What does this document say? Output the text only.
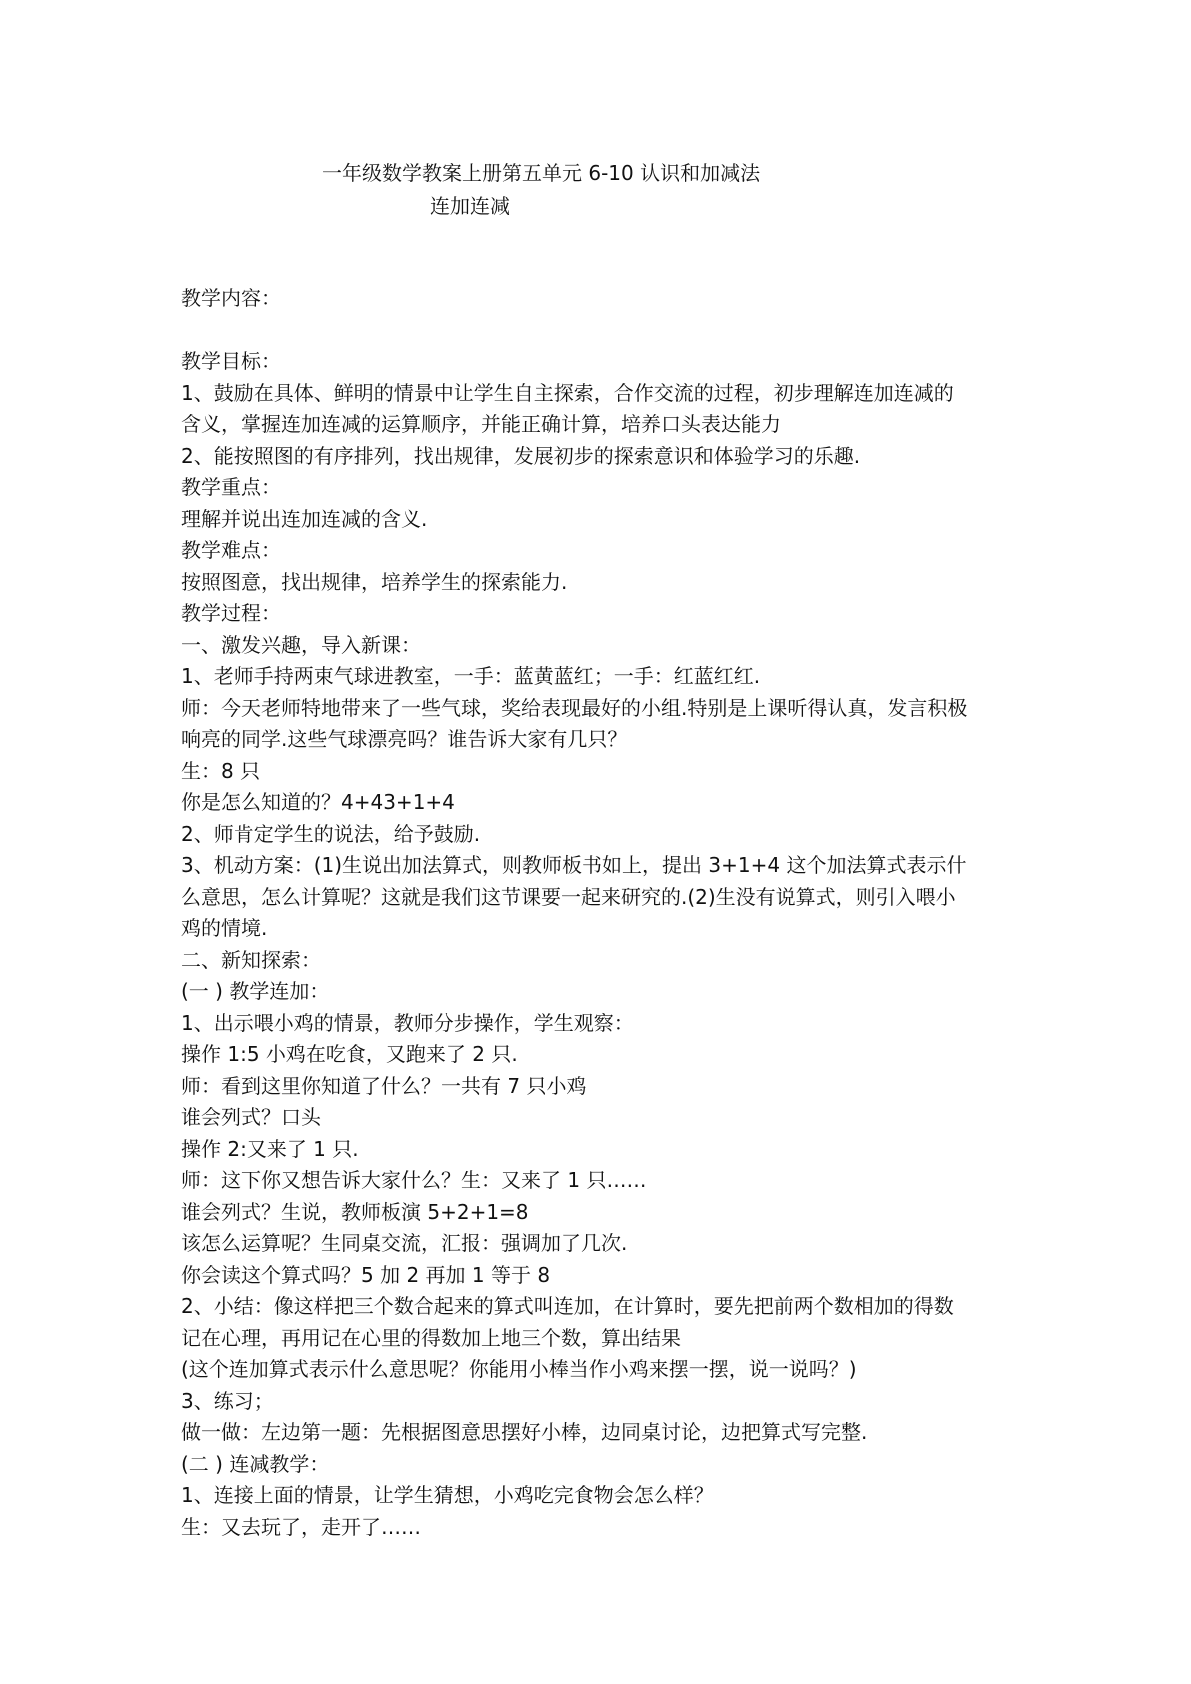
一年级数学教案上册第五单元 6-10 认识和加减法
连加连减

教学内容：

教学目标：

1、鼓励在具体、鲜明的情景中让学生自主探索，合作交流的过程，初步理解连加连减的

含义，掌握连加连减的运算顺序，并能正确计算，培养口头表达能力

2、能按照图的有序排列，找出规律，发展初步的探索意识和体验学习的乐趣.

教学重点：

理解并说出连加连减的含义.

教学难点：

按照图意，找出规律，培养学生的探索能力.

教学过程：

一、激发兴趣，导入新课：

1、老师手持两束气球进教室，一手：蓝黄蓝红；一手：红蓝红红.

师：今天老师特地带来了一些气球，奖给表现最好的小组.特别是上课听得认真，发言积极

响亮的同学.这些气球漂亮吗？谁告诉大家有几只？

生：8 只

你是怎么知道的？4+43+1+4

2、师肯定学生的说法，给予鼓励.

3、机动方案：(1)生说出加法算式，则教师板书如上，提出 3+1+4 这个加法算式表示什

么意思，怎么计算呢？这就是我们这节课要一起来研究的.(2)生没有说算式，则引入喂小

鸡的情境.

二、新知探索：

(一 ) 教学连加：

1、出示喂小鸡的情景，教师分步操作，学生观察：

操作 1:5 小鸡在吃食，又跑来了 2 只.

师：看到这里你知道了什么？一共有 7 只小鸡

谁会列式？口头

操作 2:又来了 1 只.

师：这下你又想告诉大家什么？生：又来了 1 只……

谁会列式？生说，教师板演 5+2+1=8

该怎么运算呢？生同桌交流，汇报：强调加了几次.

你会读这个算式吗？5 加 2 再加 1 等于 8

2、小结：像这样把三个数合起来的算式叫连加，在计算时，要先把前两个数相加的得数

记在心理，再用记在心里的得数加上地三个数，算出结果

(这个连加算式表示什么意思呢？你能用小棒当作小鸡来摆一摆，说一说吗？)

3、练习；

做一做：左边第一题：先根据图意思摆好小棒，边同桌讨论，边把算式写完整.

(二 ) 连减教学：

1、连接上面的情景，让学生猜想，小鸡吃完食物会怎么样？

生：又去玩了，走开了……
